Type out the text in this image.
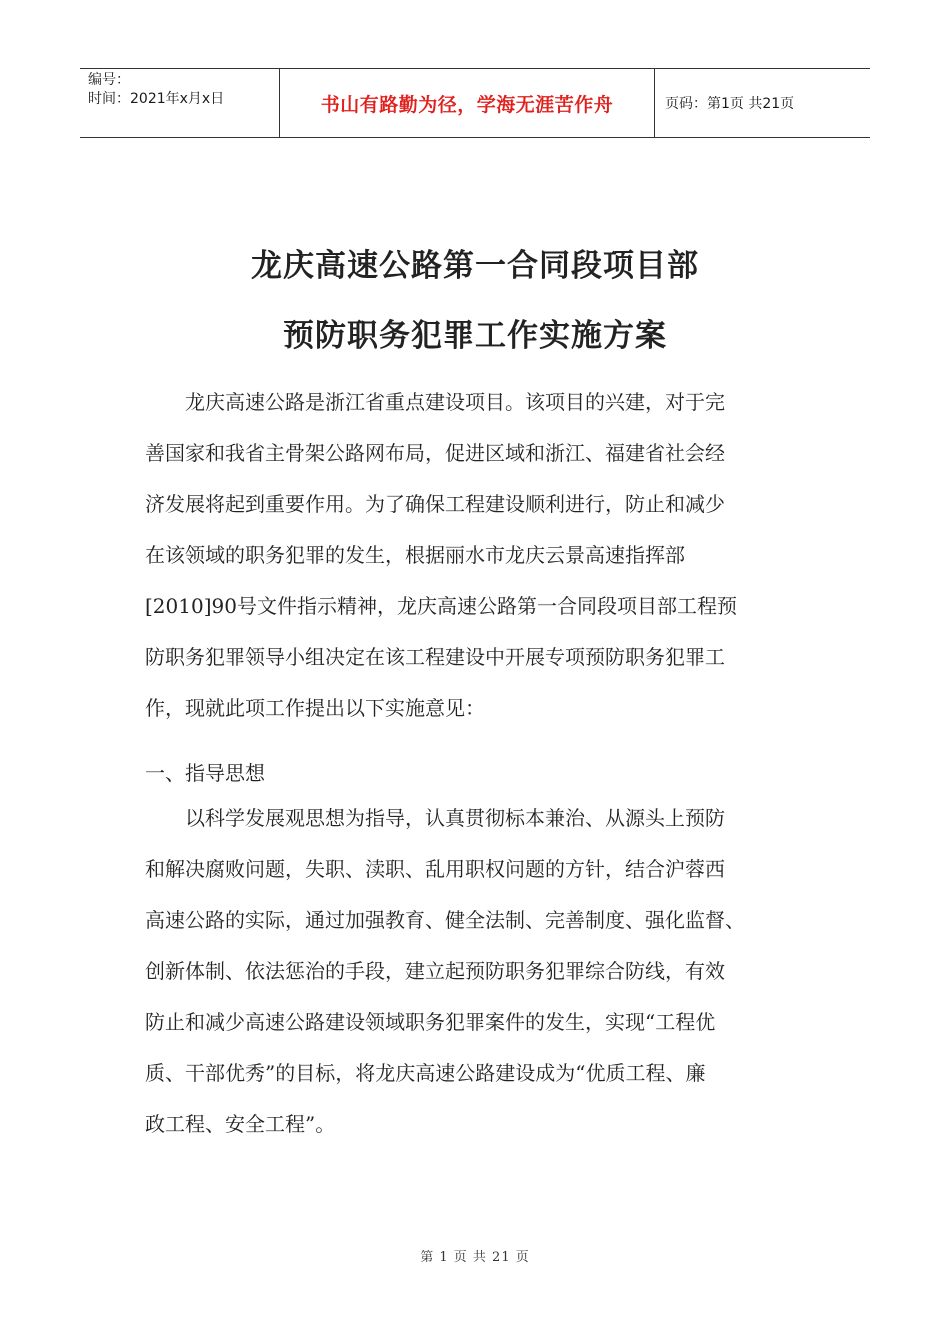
编号：
时间：2021年x月x日	书山有路勤为径，学海无涯苦作舟	页码：第1页 共21页
龙庆高速公路第一合同段项目部
预防职务犯罪工作实施方案
　　龙庆高速公路是浙江省重点建设项目。该项目的兴建，对于完
善国家和我省主骨架公路网布局，促进区域和浙江、福建省社会经
济发展将起到重要作用。为了确保工程建设顺利进行，防止和减少
在该领域的职务犯罪的发生，根据丽水市龙庆云景高速指挥部
[2010]90号文件指示精神，龙庆高速公路第一合同段项目部工程预
防职务犯罪领导小组决定在该工程建设中开展专项预防职务犯罪工
作，现就此项工作提出以下实施意见：
一、指导思想
　　以科学发展观思想为指导，认真贯彻标本兼治、从源头上预防
和解决腐败问题，失职、渎职、乱用职权问题的方针，结合沪蓉西
高速公路的实际，通过加强教育、健全法制、完善制度、强化监督、
创新体制、依法惩治的手段，建立起预防职务犯罪综合防线，有效
防止和减少高速公路建设领域职务犯罪案件的发生，实现“工程优
质、干部优秀”的目标，将龙庆高速公路建设成为“优质工程、廉
政工程、安全工程”。
第 1 页 共 21 页
